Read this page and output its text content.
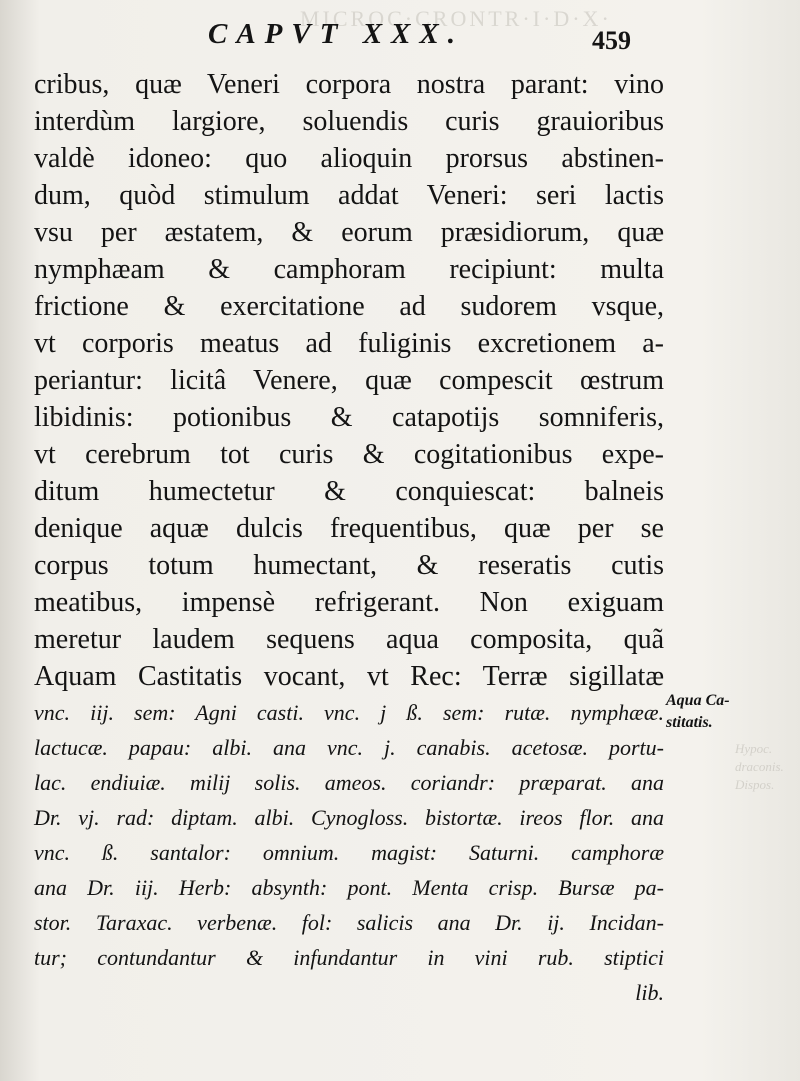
MICROC·CRONTR·I·D·X·
CAPVT XXX.	459
cribus, quæ Veneri corpora nostra parant: vino
interdùm largiore, soluendis curis grauioribus
valdè idoneo: quo alioquin prorsus abstinen-
dum, quòd stimulum addat Veneri: seri lactis
vsu per æstatem, & eorum præsidiorum, quæ
nymphæam & camphoram recipiunt: multa
frictione & exercitatione ad sudorem vsque,
vt corporis meatus ad fuliginis excretionem a-
periantur: licitâ Venere, quæ compescit œstrum
libidinis: potionibus & catapotijs somniferis,
vt cerebrum tot curis & cogitationibus expe-
ditum humectetur & conquiescat: balneis
denique aquæ dulcis frequentibus, quæ per se
corpus totum humectant, & reseratis cutis
meatibus, impensè refrigerant. Non exiguam
meretur laudem sequens aqua composita, quã
Aquam Castitatis vocant, vt Rec: Terræ sigillatæ
vnc. iij. sem: Agni casti. vnc. j ß. sem: rutæ. nymphææ.
lactucæ. papau: albi. ana vnc. j. canabis. acetosæ. portu-
lac. endiuiæ. milij solis. ameos. coriandr: præparat. ana
Dr. vj. rad: diptam. albi. Cynogloss. bistortæ. ireos flor. ana
vnc. ß. santalor: omnium. magist: Saturni. camphoræ
ana Dr. iij. Herb: absynth: pont. Menta crisp. Bursæ pa-
stor. Taraxac. verbenæ. fol: salicis ana Dr. ij. Incidan-
tur; contundantur & infundantur in vini rub. stiptici
lib.
Aqua Ca-
stitatis.
Hypoc.
draconis.
Dispos.
